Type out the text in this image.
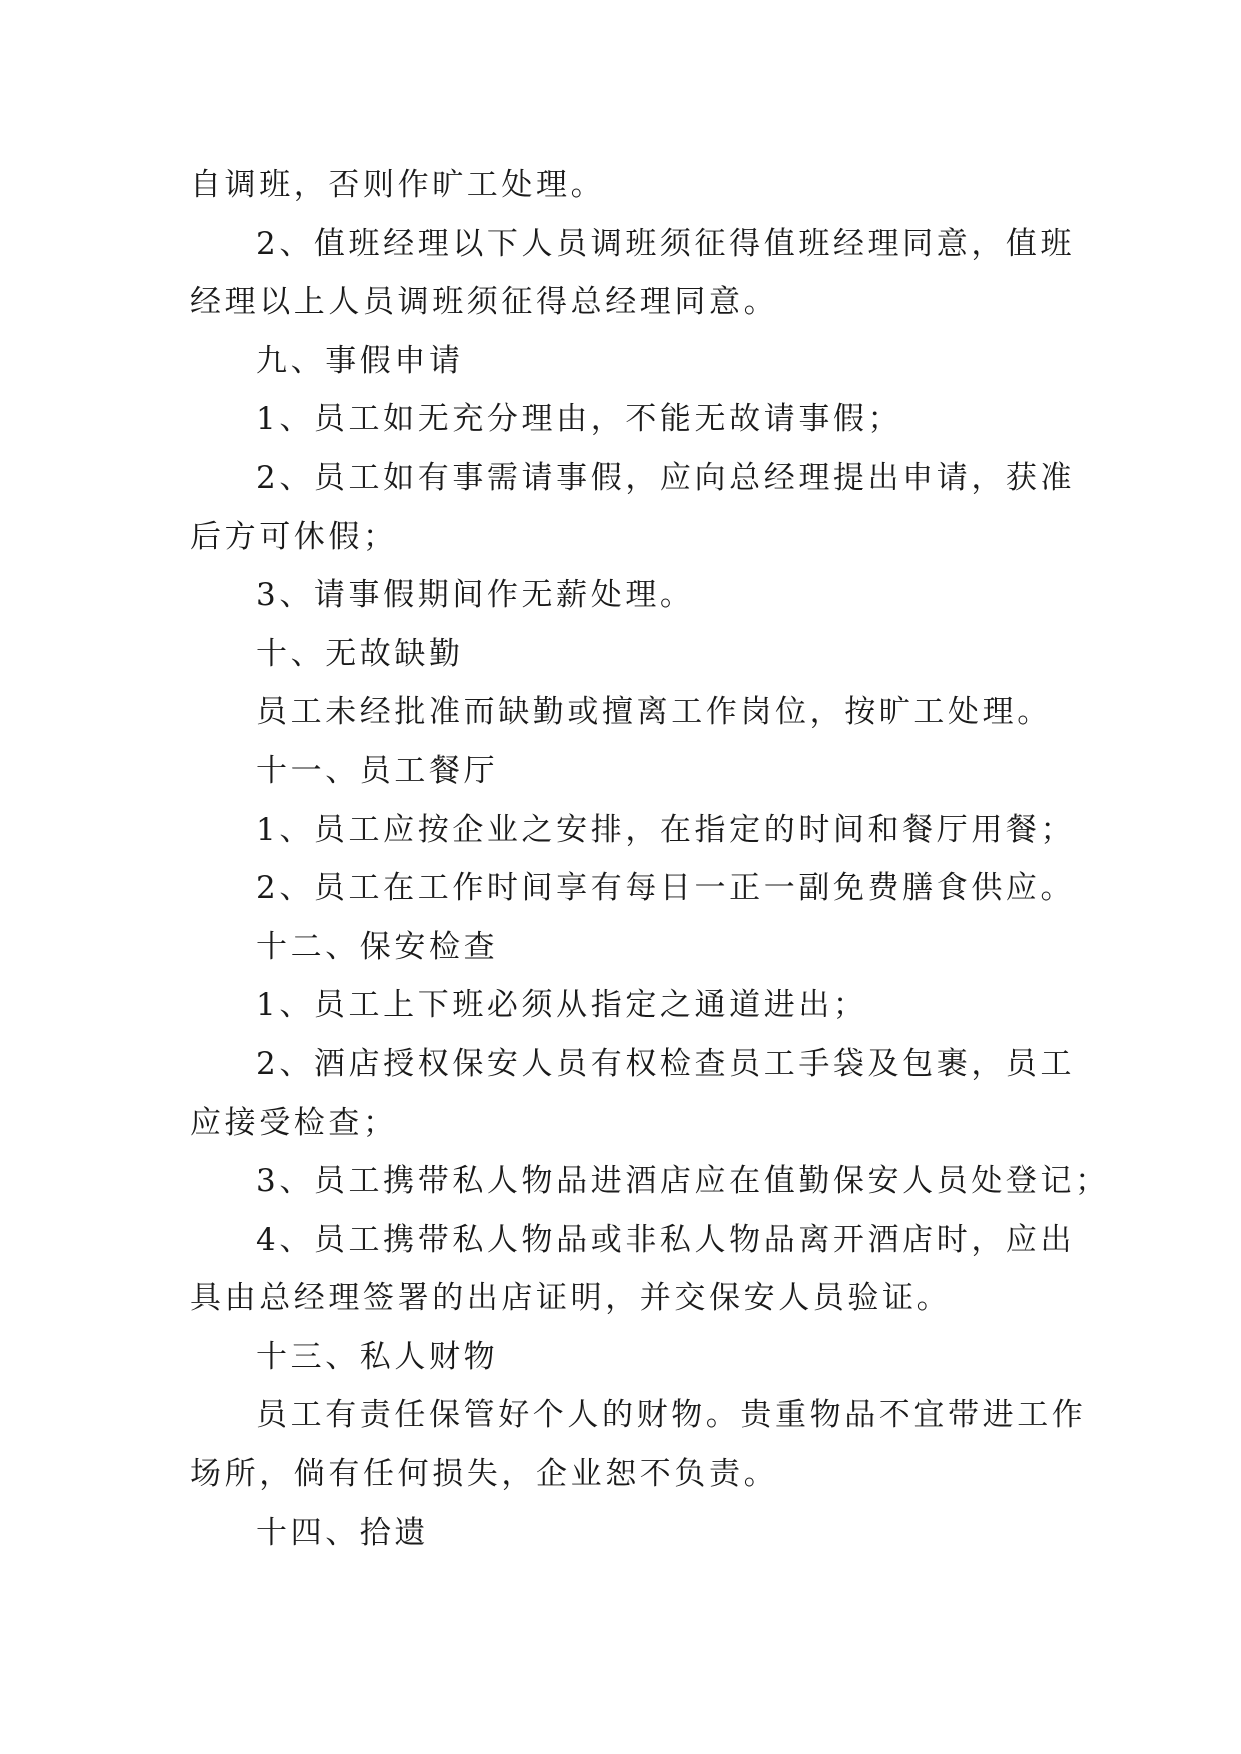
自调班，否则作旷工处理。
2、值班经理以下人员调班须征得值班经理同意，值班
经理以上人员调班须征得总经理同意。
九、事假申请
1、员工如无充分理由，不能无故请事假；
2、员工如有事需请事假，应向总经理提出申请，获准
后方可休假；
3、请事假期间作无薪处理。
十、无故缺勤
员工未经批准而缺勤或擅离工作岗位，按旷工处理。
十一、员工餐厅
1、员工应按企业之安排，在指定的时间和餐厅用餐；
2、员工在工作时间享有每日一正一副免费膳食供应。
十二、保安检查
1、员工上下班必须从指定之通道进出；
2、酒店授权保安人员有权检查员工手袋及包裹，员工
应接受检查；
3、员工携带私人物品进酒店应在值勤保安人员处登记；
4、员工携带私人物品或非私人物品离开酒店时，应出
具由总经理签署的出店证明，并交保安人员验证。
十三、私人财物
员工有责任保管好个人的财物。贵重物品不宜带进工作
场所，倘有任何损失，企业恕不负责。
十四、拾遗
